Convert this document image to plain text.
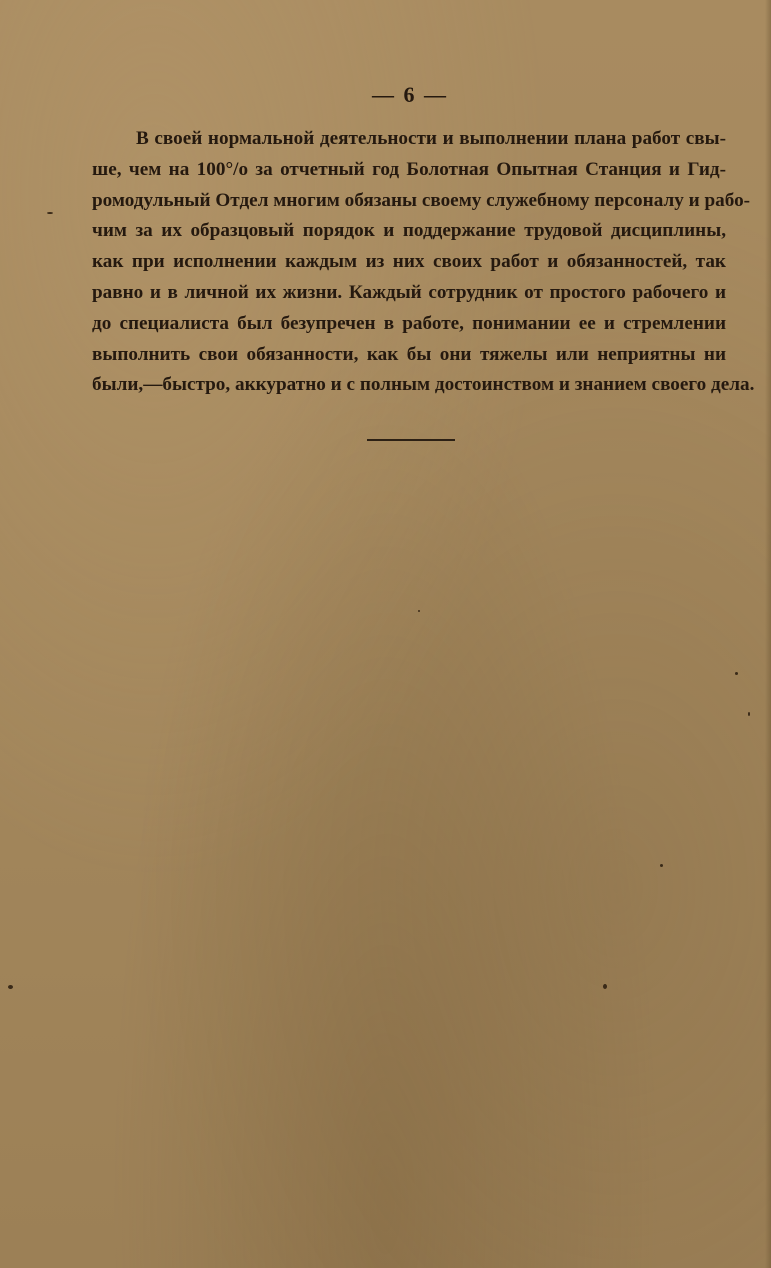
— 6 —
В своей нормальной деятельности и выполнении плана работ свы-
ше, чем на 100°/о за отчетный год Болотная Опытная Станция и Гид-
ромодульный Отдел многим обязаны своему служебному персоналу и рабо-
чим за их образцовый порядок и поддержание трудовой дисциплины,
как при исполнении каждым из них своих работ и обязанностей, так
равно и в личной их жизни. Каждый сотрудник от простого рабочего и
до специалиста был безупречен в работе, понимании ее и стремлении
выполнить свои обязанности, как бы они тяжелы или неприятны ни
были,—быстро, аккуратно и с полным достоинством и знанием своего дела.
